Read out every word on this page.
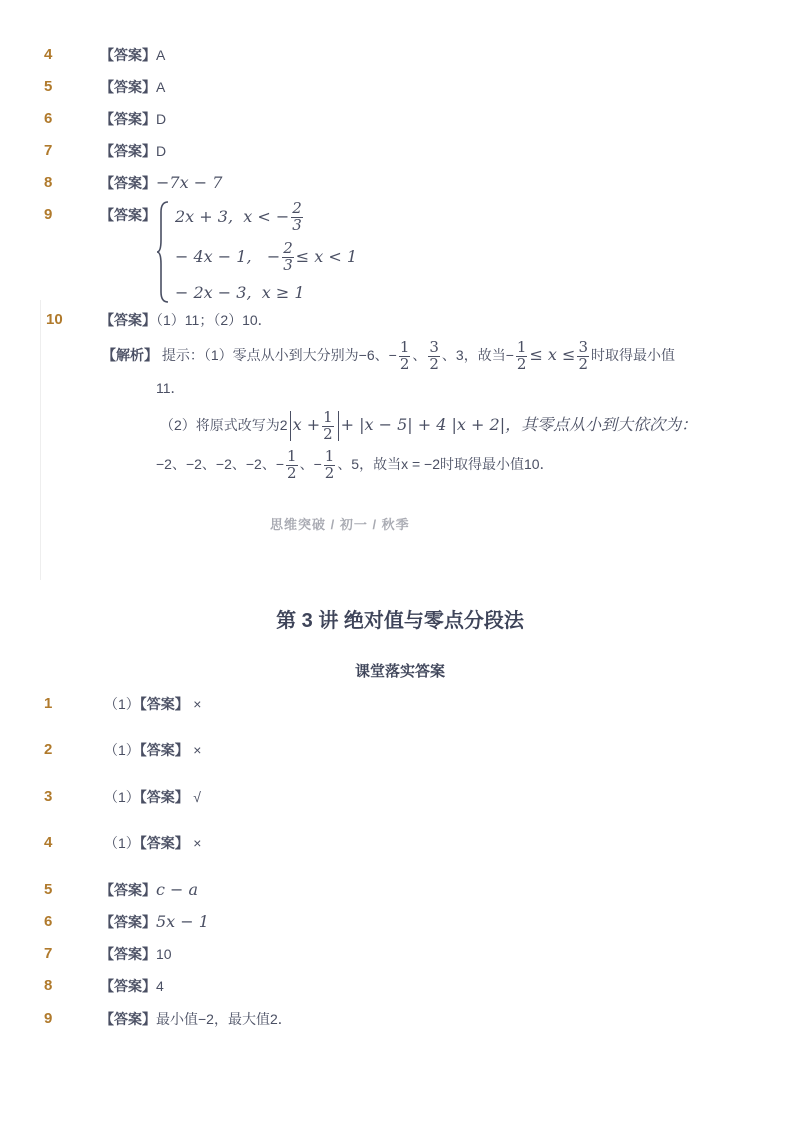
4	【答案】A
5	【答案】A
6	【答案】D
7	【答案】D
8	【答案】−7x − 7
9	【答案】 2x + 3, x < − $\frac{2}{3}$
− 4x − 1, − $\frac{2}{3} \le x < 1$
− 2x − 3, x ≥ 1
10	【答案】（1）11；（2）10．
【解析】 提示：（1）零点从小到大分别为−6、− $\frac{1}{2}$ 、 $\frac{3}{2}$ 、3，故当− $\frac{1}{2} \le x \le \frac{3}{2}$ 时取得最小值
11．
（2）将原式改写为2 $x + \frac{1}{2} + |x - 5| + 4$ |x + 2|，其零点从小到大依次为：
−2、−2、−2、−2、− $\frac{1}{2}$ 、− $\frac{1}{2}$ 、5，故当x = −2时取得最小值10．
思维突破 / 初一 / 秋季
第 3 讲 绝对值与零点分段法
课堂落实答案
1	（1）【答案】 ×
2	（1）【答案】 ×
3	（1）【答案】 √
4	（1）【答案】 ×
5	【答案】c − a
6	【答案】5x − 1
7	【答案】10
8	【答案】4
9	【答案】最小值−2，最大值2．
